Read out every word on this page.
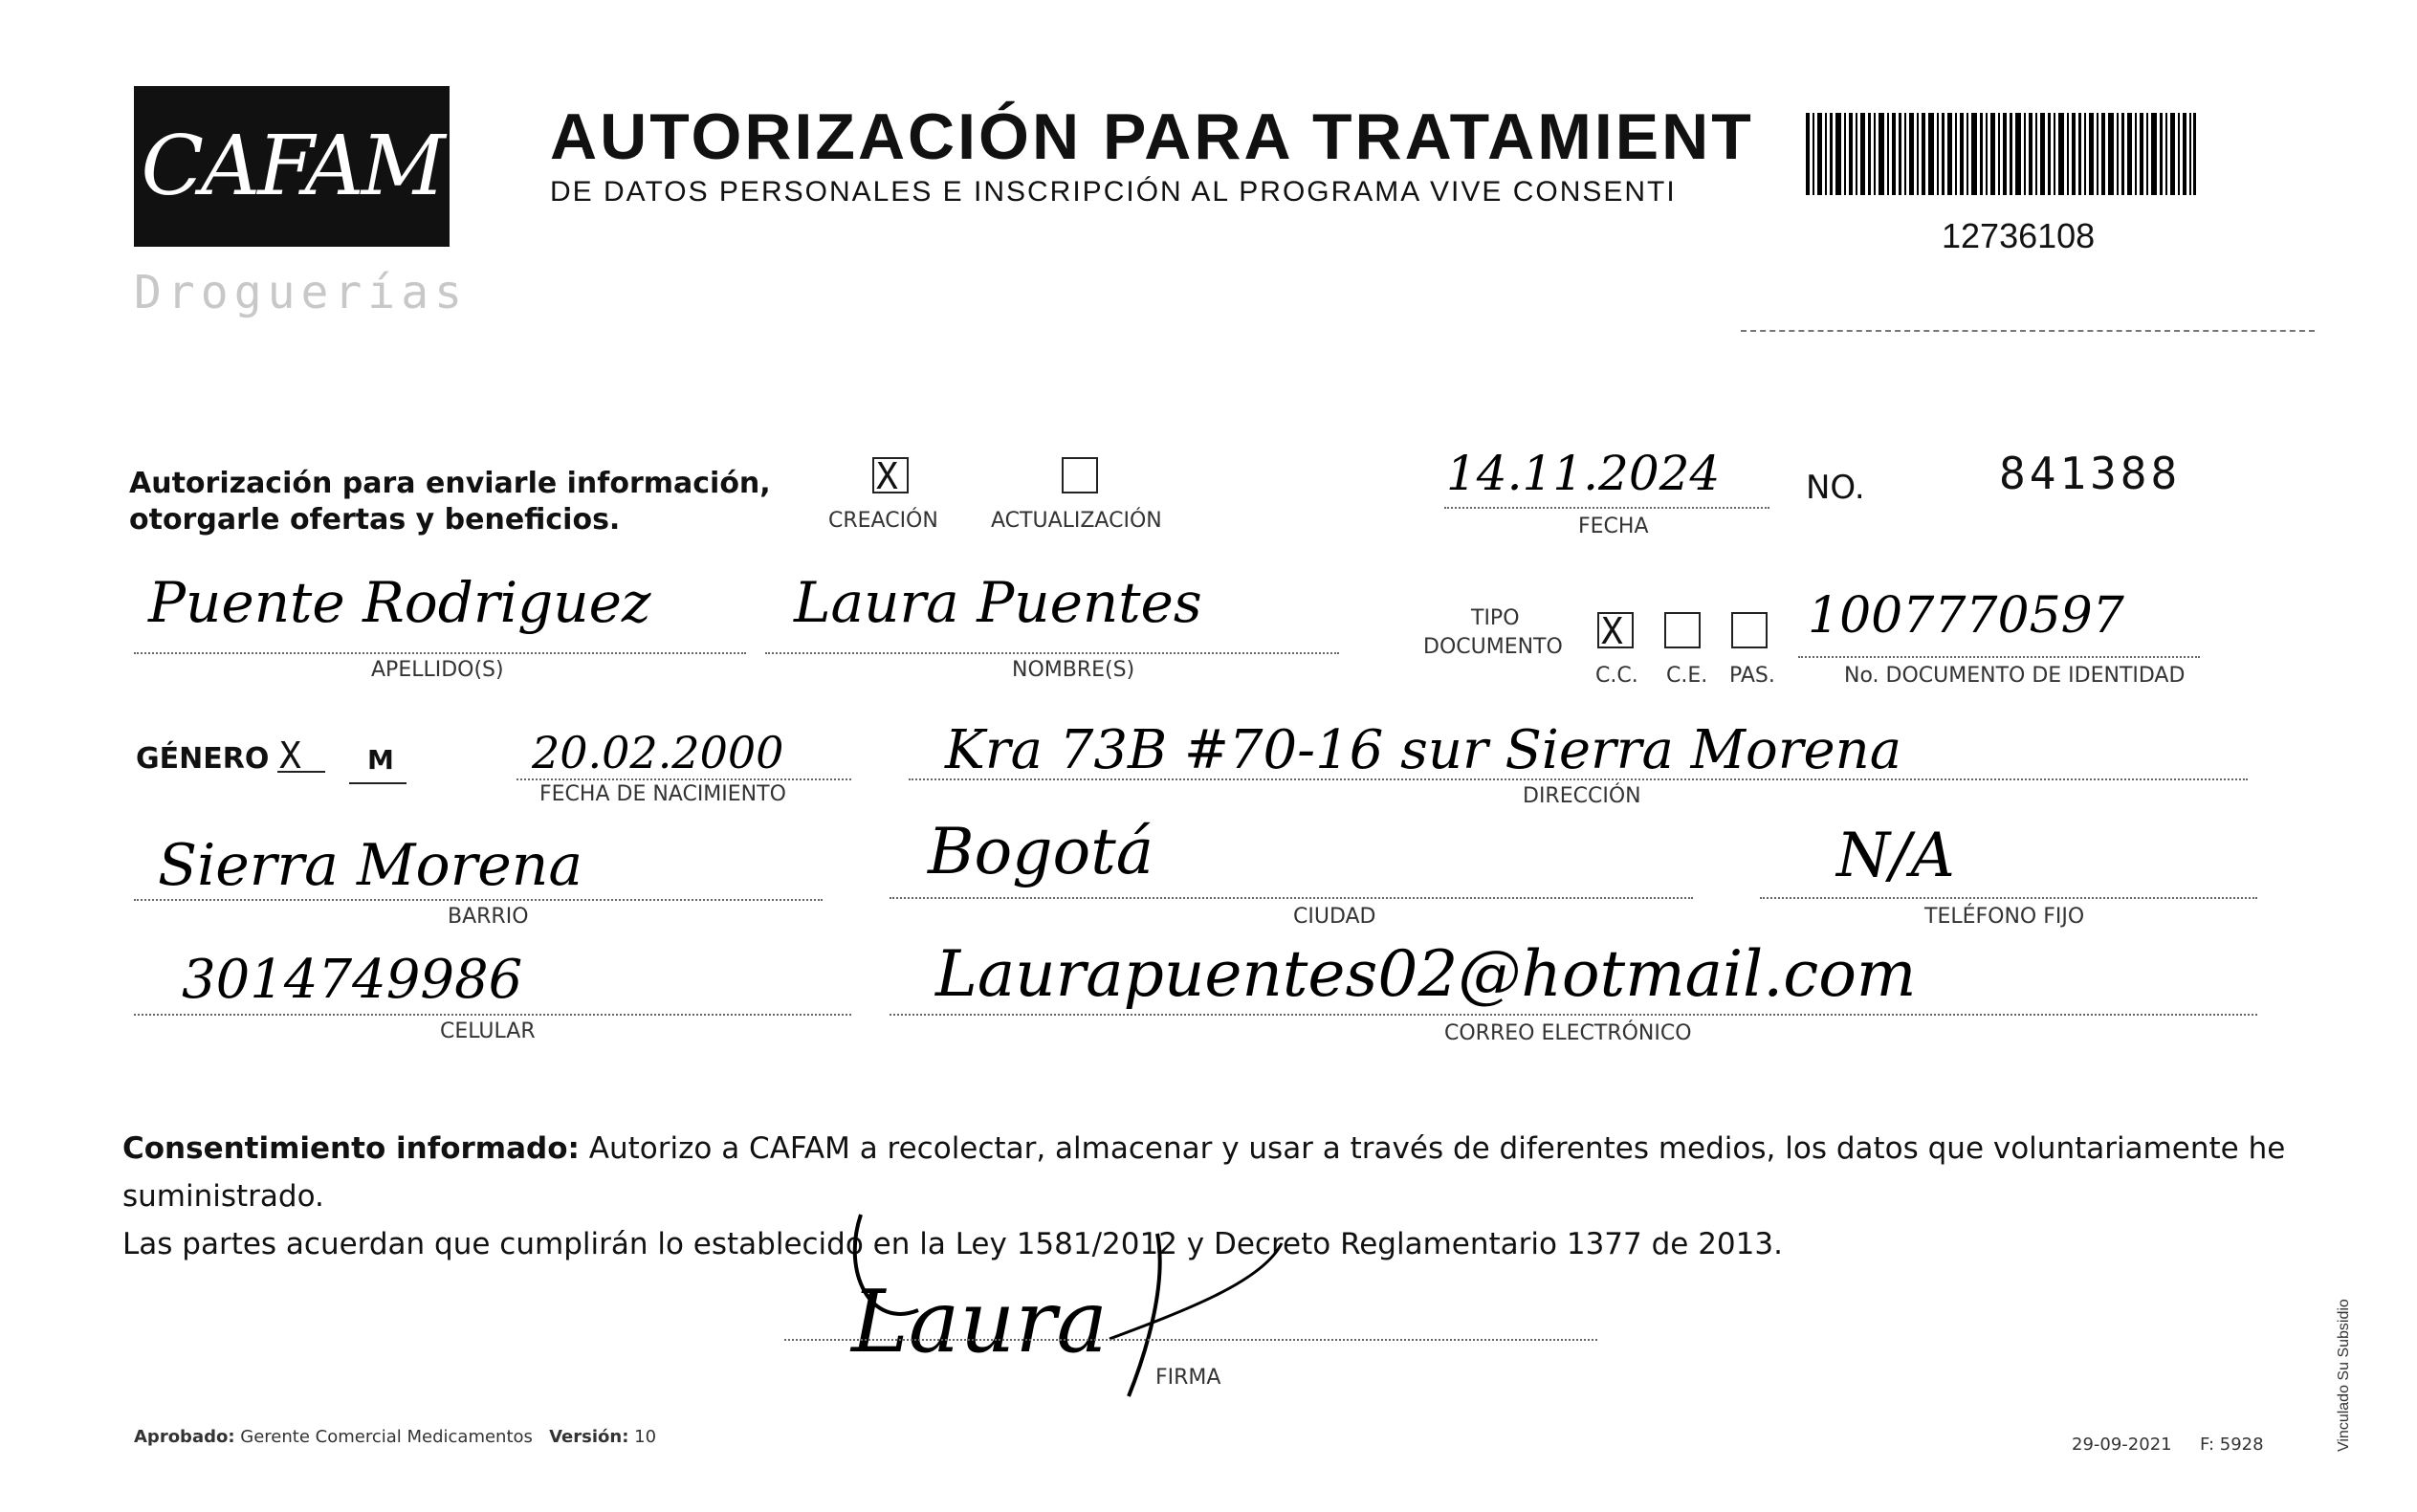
CAFAM
Droguerías
AUTORIZACIÓN PARA TRATAMIENT
DE DATOS PERSONALES E INSCRIPCIÓN AL PROGRAMA VIVE CONSENTI
12736108
Autorización para enviarle información,
otorgarle ofertas y beneficios.
X	CREACIÓN	ACTUALIZACIÓN
14.11.2024
FECHA
NO.	841388
Puente Rodriguez
APELLIDO(S)
Laura Puentes
NOMBRE(S)
TIPO
DOCUMENTO
X
C.C. C.E. PAS.
1007770597
No. DOCUMENTO DE IDENTIDAD
GÉNERO
X	M	20.02.2000
FECHA DE NACIMIENTO
Kra 73B #70-16 sur Sierra Morena
DIRECCIÓN
Sierra Morena
BARRIO
Bogotá
CIUDAD
N/A
TELÉFONO FIJO
3014749986
CELULAR
Laurapuentes02@hotmail.com
CORREO ELECTRÓNICO
Consentimiento informado: Autorizo a CAFAM a recolectar, almacenar y usar a través de diferentes medios, los datos que voluntariamente he suministrado.
Las partes acuerdan que cumplirán lo establecido en la Ley 1581/2012 y Decreto Reglamentario 1377 de 2013.
Laura
FIRMA
Aprobado: Gerente Comercial Medicamentos Versión: 10	29-09-2021 F: 5928	Vinculado Su Subsidio
